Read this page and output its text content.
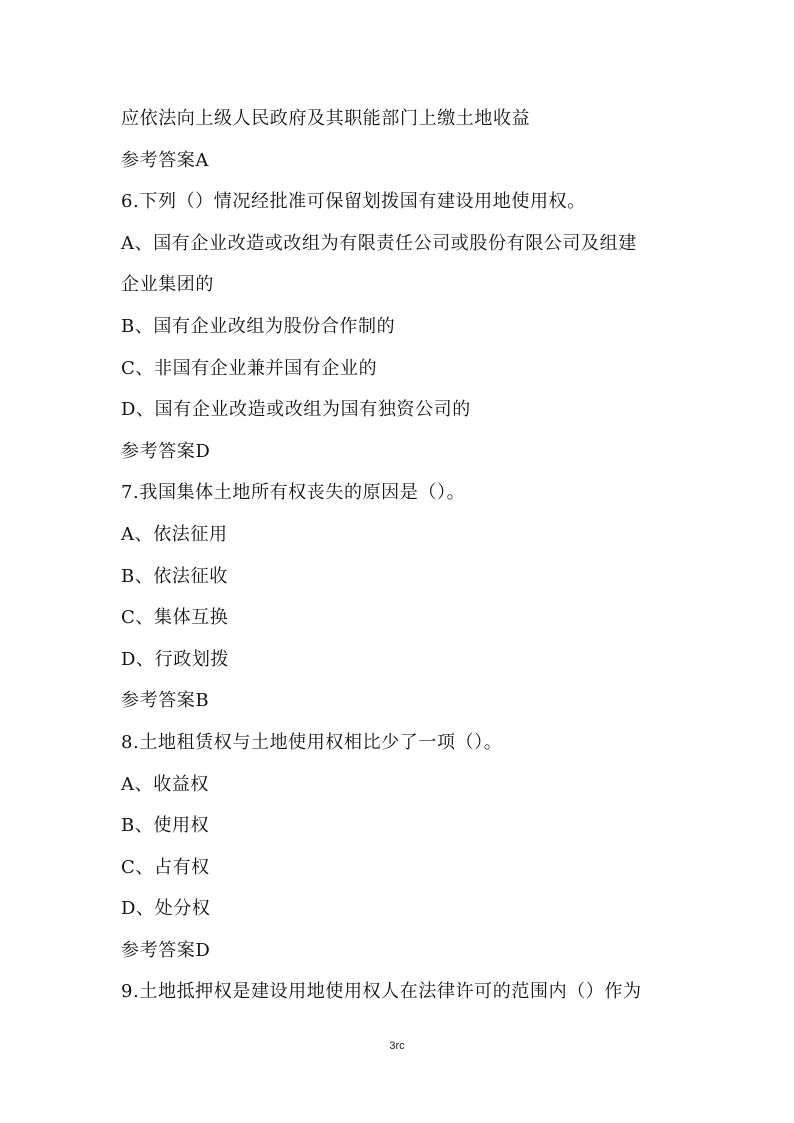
应依法向上级人民政府及其职能部门上缴土地收益
参考答案A
6.下列（）情况经批准可保留划拨国有建设用地使用权。
A、国有企业改造或改组为有限责任公司或股份有限公司及组建
企业集团的
B、国有企业改组为股份合作制的
C、非国有企业兼并国有企业的
D、国有企业改造或改组为国有独资公司的
参考答案D
7.我国集体土地所有权丧失的原因是（）。
A、依法征用
B、依法征收
C、集体互换
D、行政划拨
参考答案B
8.土地租赁权与土地使用权相比少了一项（）。
A、收益权
B、使用权
C、占有权
D、处分权
参考答案D
9.土地抵押权是建设用地使用权人在法律许可的范围内（）作为
3rc
